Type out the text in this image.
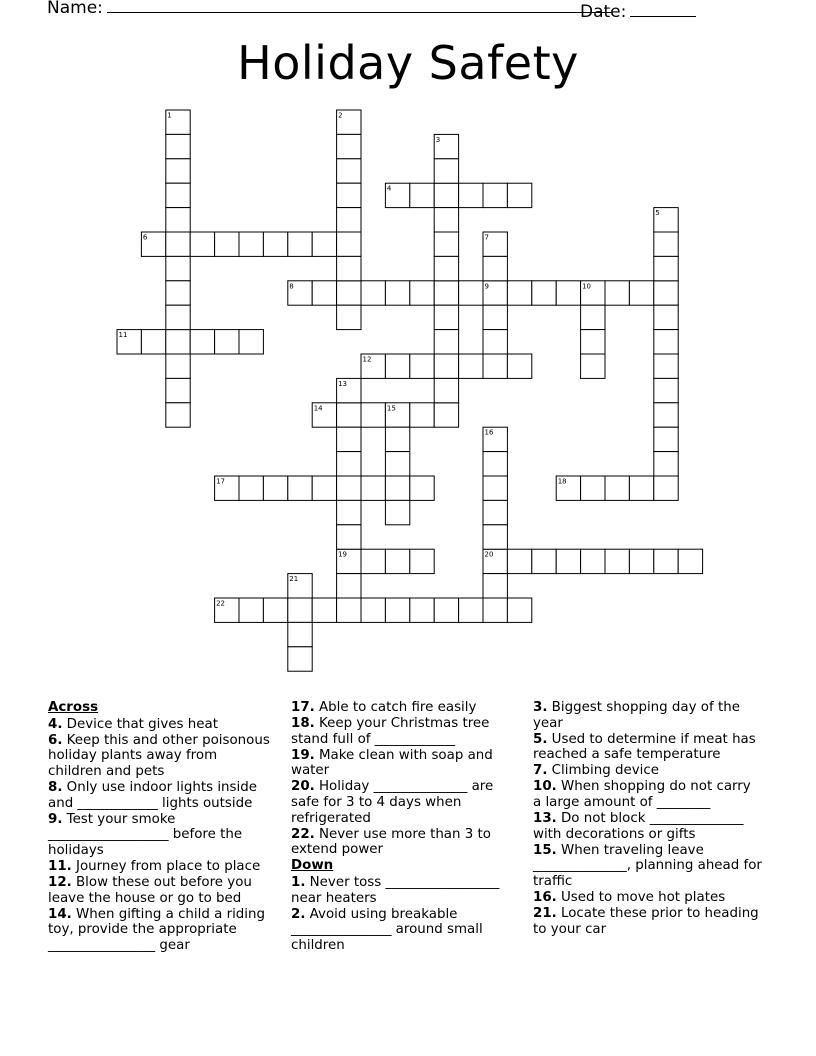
Name:	Date:
Holiday Safety
4
6
8	9
11
12
14
17	18
19	20
22
1	2
3
5
7
10
13
15
16
21
Across
4. Device that gives heat
6. Keep this and other poisonous holiday plants away from children and pets
8. Only use indoor lights inside and ____________ lights outside
9. Test your smoke __________________ before the holidays
11. Journey from place to place
12. Blow these out before you leave the house or go to bed
14. When gifting a child a riding toy, provide the appropriate ________________ gear
17. Able to catch fire easily
18. Keep your Christmas tree stand full of ____________
19. Make clean with soap and water
20. Holiday ______________ are safe for 3 to 4 days when refrigerated
22. Never use more than 3 to extend power
Down
1. Never toss _________________ near heaters
2. Avoid using breakable _______________ around small children
3. Biggest shopping day of the year
5. Used to determine if meat has reached a safe temperature
7. Climbing device
10. When shopping do not carry a large amount of ________
13. Do not block ______________ with decorations or gifts
15. When traveling leave ______________, planning ahead for traffic
16. Used to move hot plates
21. Locate these prior to heading to your car
